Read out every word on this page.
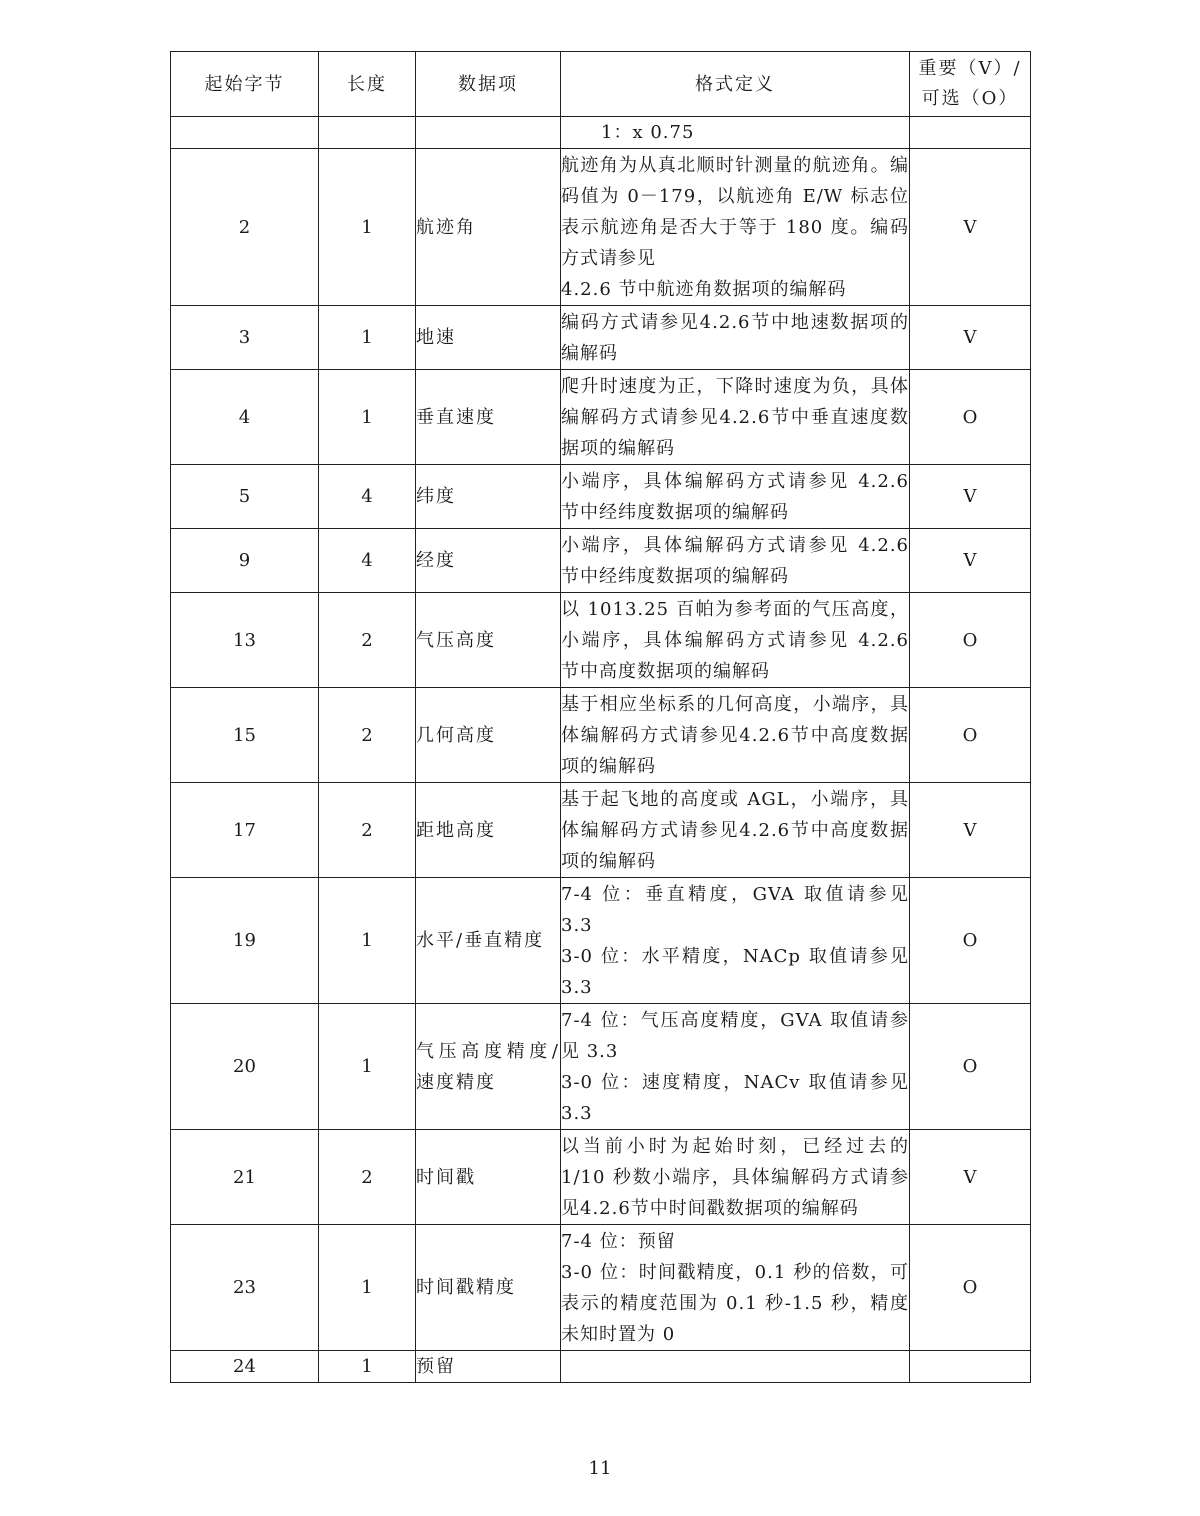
起始字节	长度	数据项	格式定义	重要（V）/
可选（O）

			1：x 0.75	
2	1	航迹角	航迹角为从真北顺时针测量的航迹角。编码值为 0－179，以航迹角 E/W 标志位表示航迹角是否大于等于 180 度。编码方式请参见
4.2.6 节中航迹角数据项的编解码	V
3	1	地速	编码方式请参见4.2.6节中地速数据项的编解码	V
4	1	垂直速度	爬升时速度为正，下降时速度为负，具体编解码方式请参见4.2.6节中垂直速度数据项的编解码	O
5	4	纬度	小端序，具体编解码方式请参见 4.2.6 节中经纬度数据项的编解码	V
9	4	经度	小端序，具体编解码方式请参见 4.2.6 节中经纬度数据项的编解码	V
13	2	气压高度	以 1013.25 百帕为参考面的气压高度，小端序，具体编解码方式请参见 4.2.6 节中高度数据项的编解码	O
15	2	几何高度	基于相应坐标系的几何高度，小端序，具体编解码方式请参见4.2.6节中高度数据项的编解码	O
17	2	距地高度	基于起飞地的高度或 AGL，小端序，具体编解码方式请参见4.2.6节中高度数据项的编解码	V
19	1	水平/垂直精度	7-4 位：垂直精度，GVA 取值请参见 3.3
3-0 位：水平精度，NACp 取值请参见 3.3	O
20	1	气压高度精度/速度精度	7-4 位：气压高度精度，GVA 取值请参见 3.3
3-0 位：速度精度，NACv 取值请参见 3.3	O
21	2	时间戳	以当前小时为起始时刻，已经过去的 1/10 秒数小端序，具体编解码方式请参见4.2.6节中时间戳数据项的编解码	V
23	1	时间戳精度	7-4 位：预留
3-0 位：时间戳精度，0.1 秒的倍数，可表示的精度范围为 0.1 秒-1.5 秒，精度未知时置为 0	O
24	1	预留	

11
